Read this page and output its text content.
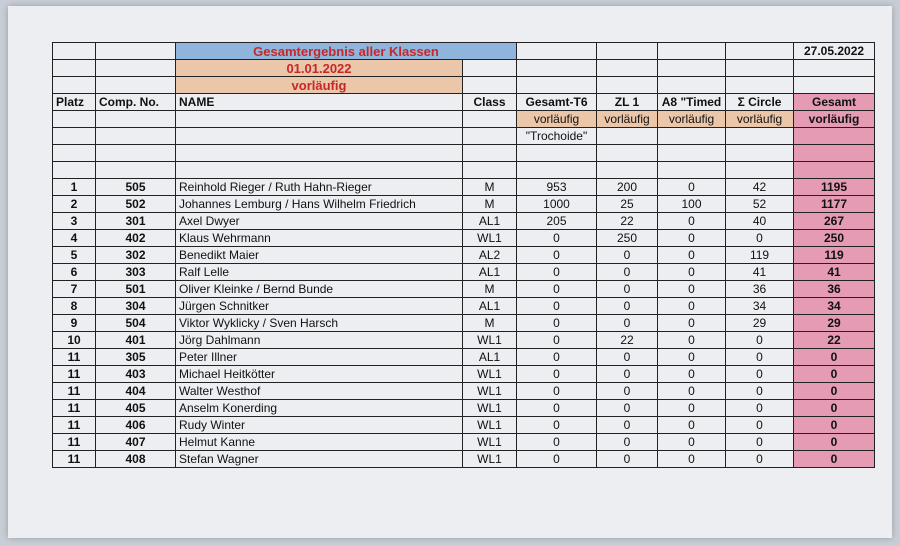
		Gesamtergebnis aller Klassen						27.05.2022
		01.01.2022						
		vorläufig						
Platz	Comp. No.	NAME	Class	Gesamt-T6	ZL 1	A8 "Timed	Σ Circle	Gesamt
				vorläufig	vorläufig	vorläufig	vorläufig	vorläufig
				"Trochoide"				

1	505	Reinhold Rieger / Ruth Hahn-Rieger	M	953	200	0	42	1195
2	502	Johannes Lemburg / Hans Wilhelm Friedrich	M	1000	25	100	52	1177
3	301	Axel Dwyer	AL1	205	22	0	40	267
4	402	Klaus Wehrmann	WL1	0	250	0	0	250
5	302	Benedikt Maier	AL2	0	0	0	119	119
6	303	Ralf Lelle	AL1	0	0	0	41	41
7	501	Oliver Kleinke / Bernd Bunde	M	0	0	0	36	36
8	304	Jürgen Schnitker	AL1	0	0	0	34	34
9	504	Viktor Wyklicky / Sven Harsch	M	0	0	0	29	29
10	401	Jörg Dahlmann	WL1	0	22	0	0	22
11	305	Peter Illner	AL1	0	0	0	0	0
11	403	Michael Heitkötter	WL1	0	0	0	0	0
11	404	Walter Westhof	WL1	0	0	0	0	0
11	405	Anselm Konerding	WL1	0	0	0	0	0
11	406	Rudy Winter	WL1	0	0	0	0	0
11	407	Helmut Kanne	WL1	0	0	0	0	0
11	408	Stefan Wagner	WL1	0	0	0	0	0
